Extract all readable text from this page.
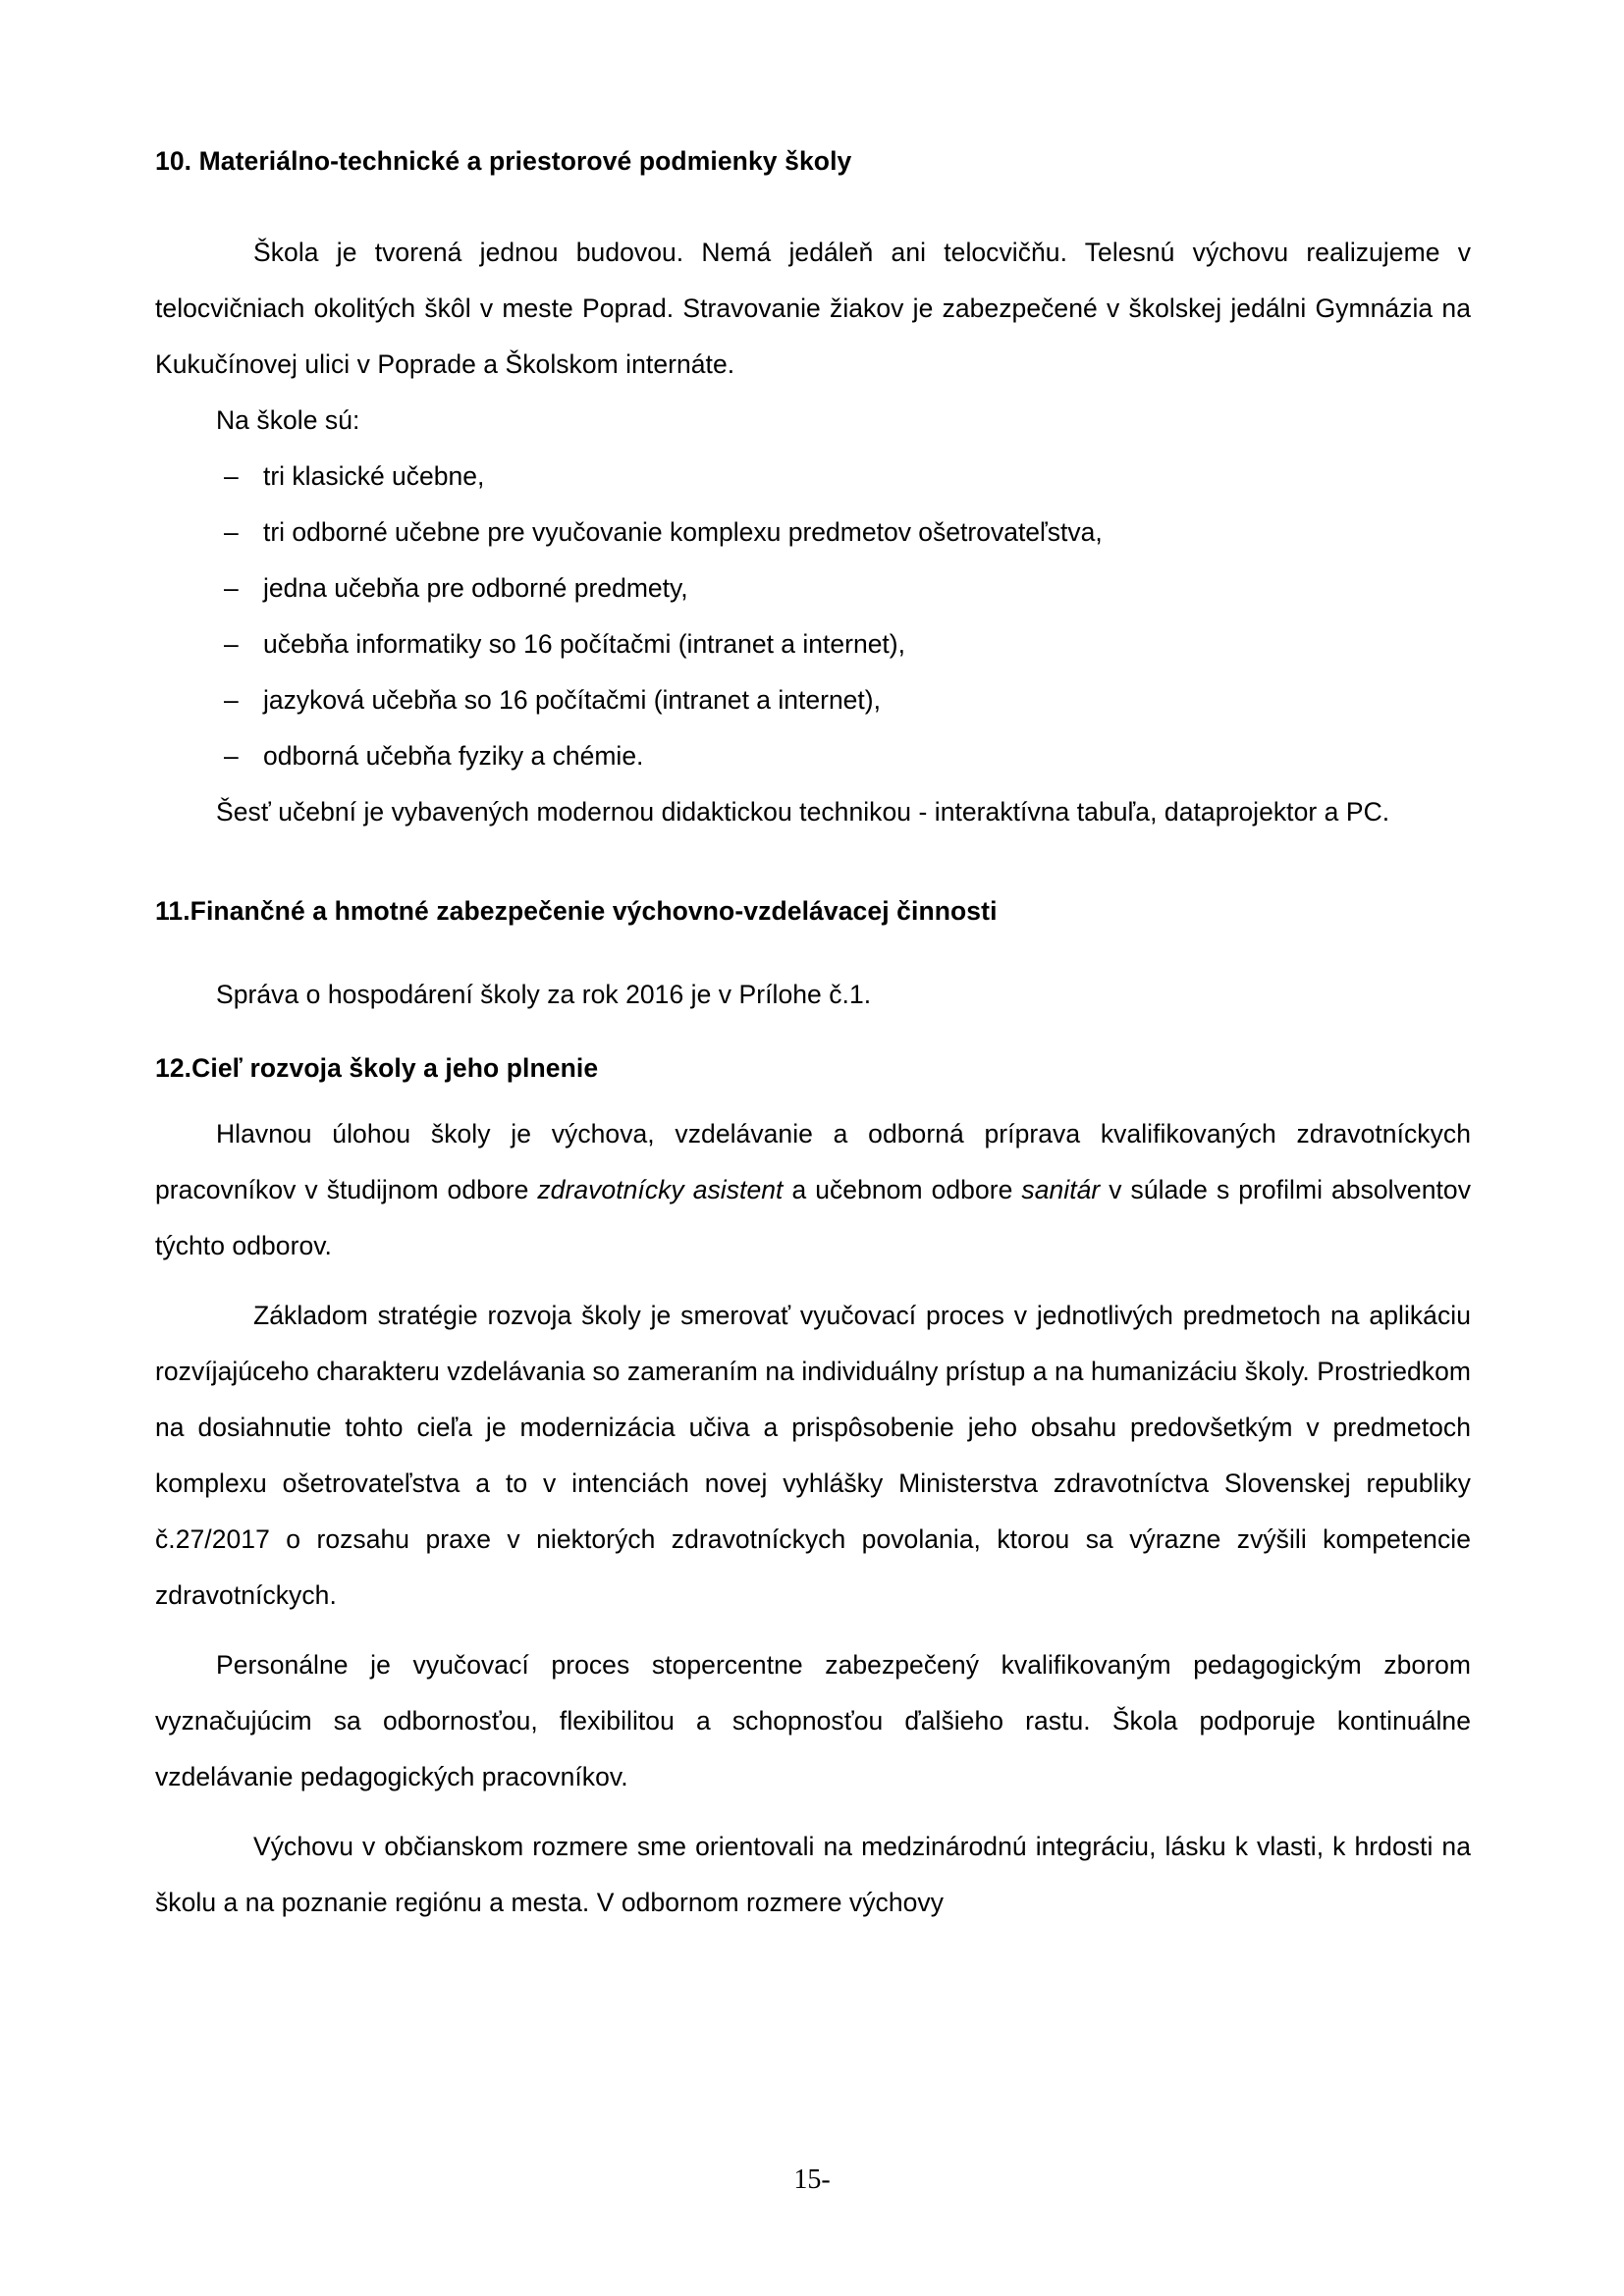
10. Materiálno-technické a priestorové podmienky školy

Škola je tvorená jednou budovou. Nemá jedáleň ani telocvičňu. Telesnú výchovu realizujeme v telocvičniach okolitých škôl v meste Poprad. Stravovanie žiakov je zabezpečené v školskej jedálni Gymnázia na Kukučínovej ulici v Poprade a Školskom internáte.

Na škole sú:

– tri klasické učebne,
– tri odborné učebne pre vyučovanie komplexu predmetov ošetrovateľstva,
– jedna učebňa pre odborné predmety,
– učebňa informatiky so 16 počítačmi (intranet a internet),
– jazyková učebňa so 16 počítačmi (intranet a internet),
– odborná učebňa fyziky a chémie.

Šesť učební je vybavených modernou didaktickou technikou - interaktívna tabuľa, dataprojektor a PC.

11.Finančné a hmotné zabezpečenie výchovno-vzdelávacej činnosti

Správa o hospodárení školy za rok 2016 je v Prílohe č.1.

12.Cieľ rozvoja školy a jeho plnenie

Hlavnou úlohou školy je výchova, vzdelávanie a odborná príprava kvalifikovaných zdravotníckych pracovníkov v študijnom odbore zdravotnícky asistent a učebnom odbore sanitár v súlade s profilmi absolventov týchto odborov.

Základom stratégie rozvoja školy je smerovať vyučovací proces v jednotlivých predmetoch na aplikáciu rozvíjajúceho charakteru vzdelávania so zameraním na individuálny prístup a na humanizáciu školy. Prostriedkom na dosiahnutie tohto cieľa je modernizácia učiva a prispôsobenie jeho obsahu predovšetkým v predmetoch komplexu ošetrovateľstva a to v intenciách novej vyhlášky Ministerstva zdravotníctva Slovenskej republiky č.27/2017 o rozsahu praxe v niektorých zdravotníckych povolania, ktorou sa výrazne zvýšili kompetencie zdravotníckych.

Personálne je vyučovací proces stopercentne zabezpečený kvalifikovaným pedagogickým zborom vyznačujúcim sa odbornosťou, flexibilitou a schopnosťou ďalšieho rastu. Škola podporuje kontinuálne vzdelávanie pedagogických pracovníkov.

Výchovu v občianskom rozmere sme orientovali na medzinárodnú integráciu, lásku k vlasti, k hrdosti na školu a na poznanie regiónu a mesta. V odbornom rozmere výchovy

15-
